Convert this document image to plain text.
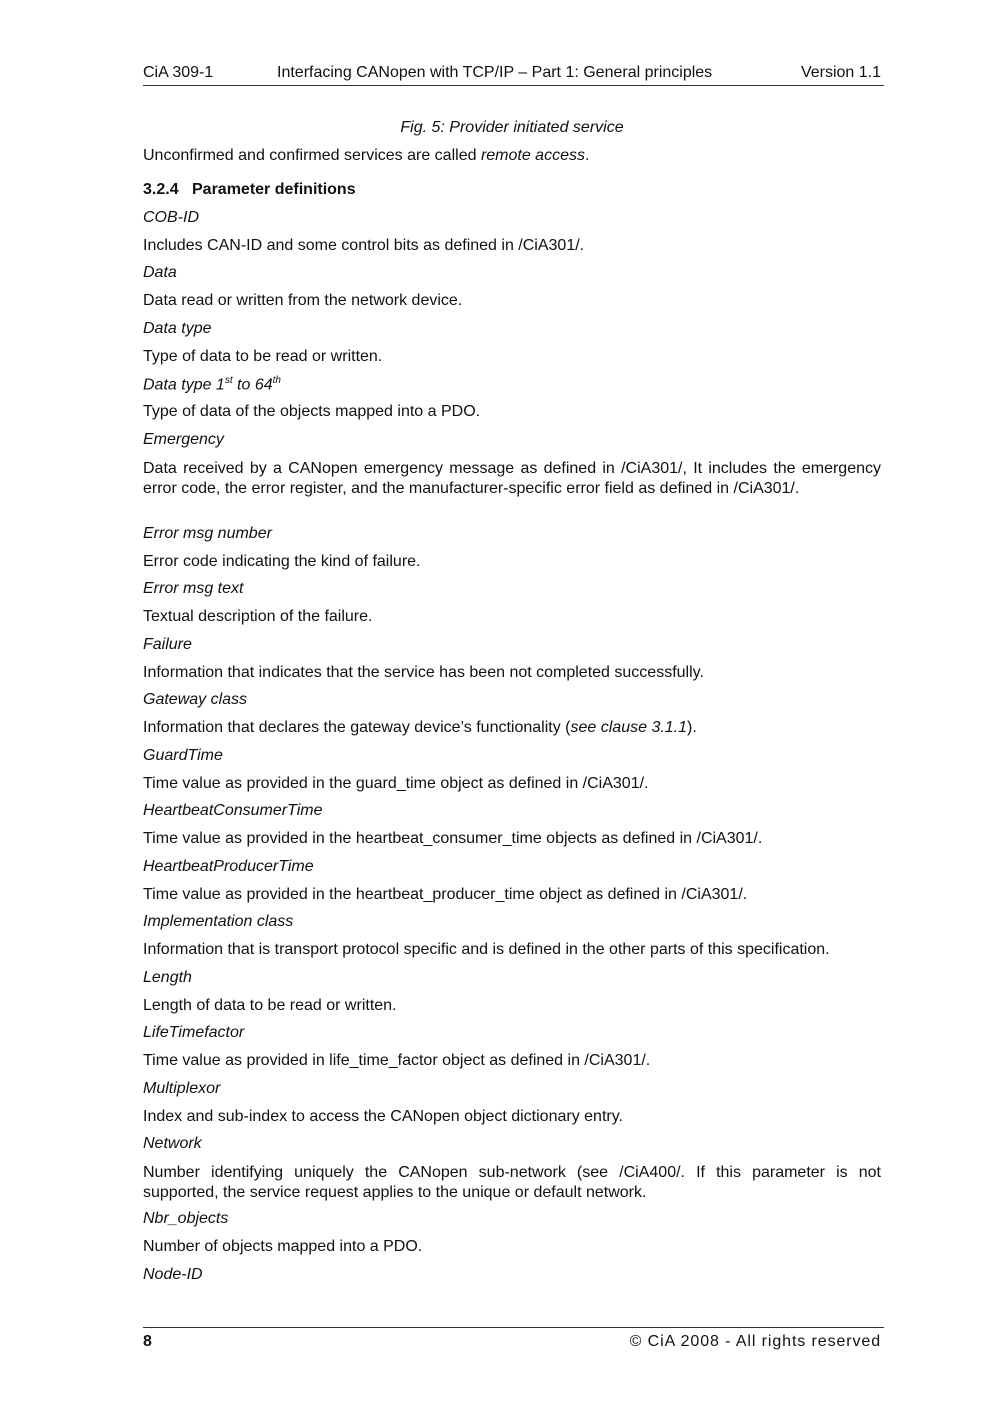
CiA 309-1	Interfacing CANopen with TCP/IP – Part 1: General principles	Version 1.1
Fig. 5: Provider initiated service
Unconfirmed and confirmed services are called remote access.
3.2.4 Parameter definitions
COB-ID
Includes CAN-ID and some control bits as defined in /CiA301/.
Data
Data read or written from the network device.
Data type
Type of data to be read or written.
Data type 1st to 64th
Type of data of the objects mapped into a PDO.
Emergency
Data received by a CANopen emergency message as defined in /CiA301/, It includes the emergency error code, the error register, and the manufacturer-specific error field as defined in /CiA301/.
Error msg number
Error code indicating the kind of failure.
Error msg text
Textual description of the failure.
Failure
Information that indicates that the service has been not completed successfully.
Gateway class
Information that declares the gateway device’s functionality (see clause 3.1.1).
GuardTime
Time value as provided in the guard_time object as defined in /CiA301/.
HeartbeatConsumerTime
Time value as provided in the heartbeat_consumer_time objects as defined in /CiA301/.
HeartbeatProducerTime
Time value as provided in the heartbeat_producer_time object as defined in /CiA301/.
Implementation class
Information that is transport protocol specific and is defined in the other parts of this specification.
Length
Length of data to be read or written.
LifeTimefactor
Time value as provided in life_time_factor object as defined in /CiA301/.
Multiplexor
Index and sub-index to access the CANopen object dictionary entry.
Network
Number identifying uniquely the CANopen sub-network (see /CiA400/. If this parameter is not supported, the service request applies to the unique or default network.
Nbr_objects
Number of objects mapped into a PDO.
Node-ID
8	© CiA 2008 - All rights reserved
